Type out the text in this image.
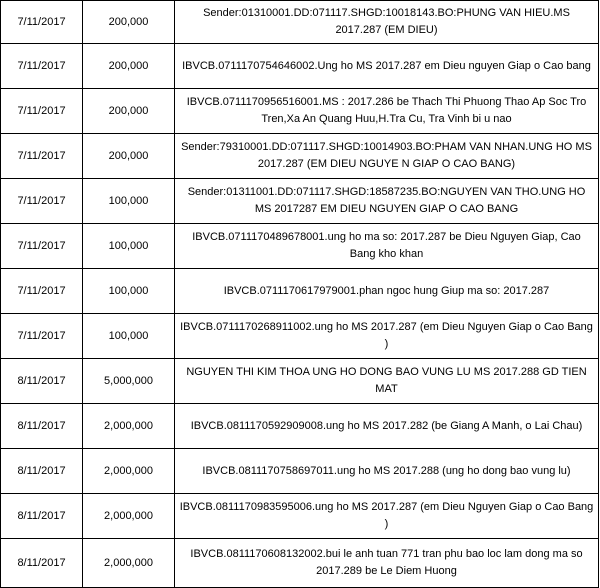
7/11/2017	200,000	Sender:01310001.DD:071117.SHGD:10018143.BO:PHUNG VAN HIEU.MS 2017.287 (EM DIEU)
7/11/2017	200,000	IBVCB.0711170754646002.Ung ho MS 2017.287 em Dieu nguyen Giap o Cao bang
7/11/2017	200,000	IBVCB.0711170956516001.MS : 2017.286 be Thach Thi Phuong Thao Ap Soc Tro Tren,Xa An Quang Huu,H.Tra Cu, Tra Vinh bi u nao
7/11/2017	200,000	Sender:79310001.DD:071117.SHGD:10014903.BO:PHAM VAN NHAN.UNG HO MS 2017.287 (EM DIEU NGUYE N GIAP O CAO BANG)
7/11/2017	100,000	Sender:01311001.DD:071117.SHGD:18587235.BO:NGUYEN VAN THO.UNG HO MS 2017287 EM DIEU NGUYEN GIAP O CAO BANG
7/11/2017	100,000	IBVCB.0711170489678001.ung ho ma so: 2017.287 be Dieu Nguyen Giap, Cao Bang kho khan
7/11/2017	100,000	IBVCB.0711170617979001.phan ngoc hung Giup ma so: 2017.287
7/11/2017	100,000	IBVCB.0711170268911002.ung ho MS 2017.287 (em Dieu Nguyen Giap o Cao Bang )
8/11/2017	5,000,000	NGUYEN THI KIM THOA UNG HO DONG BAO VUNG LU MS 2017.288 GD TIEN MAT
8/11/2017	2,000,000	IBVCB.0811170592909008.ung ho MS 2017.282 (be Giang A Manh, o Lai Chau)
8/11/2017	2,000,000	IBVCB.0811170758697011.ung ho MS 2017.288 (ung ho dong bao vung lu)
8/11/2017	2,000,000	IBVCB.0811170983595006.ung ho MS 2017.287 (em Dieu Nguyen Giap o Cao Bang )
8/11/2017	2,000,000	IBVCB.0811170608132002.bui le anh tuan 771 tran phu bao loc lam dong ma so 2017.289 be Le Diem Huong
